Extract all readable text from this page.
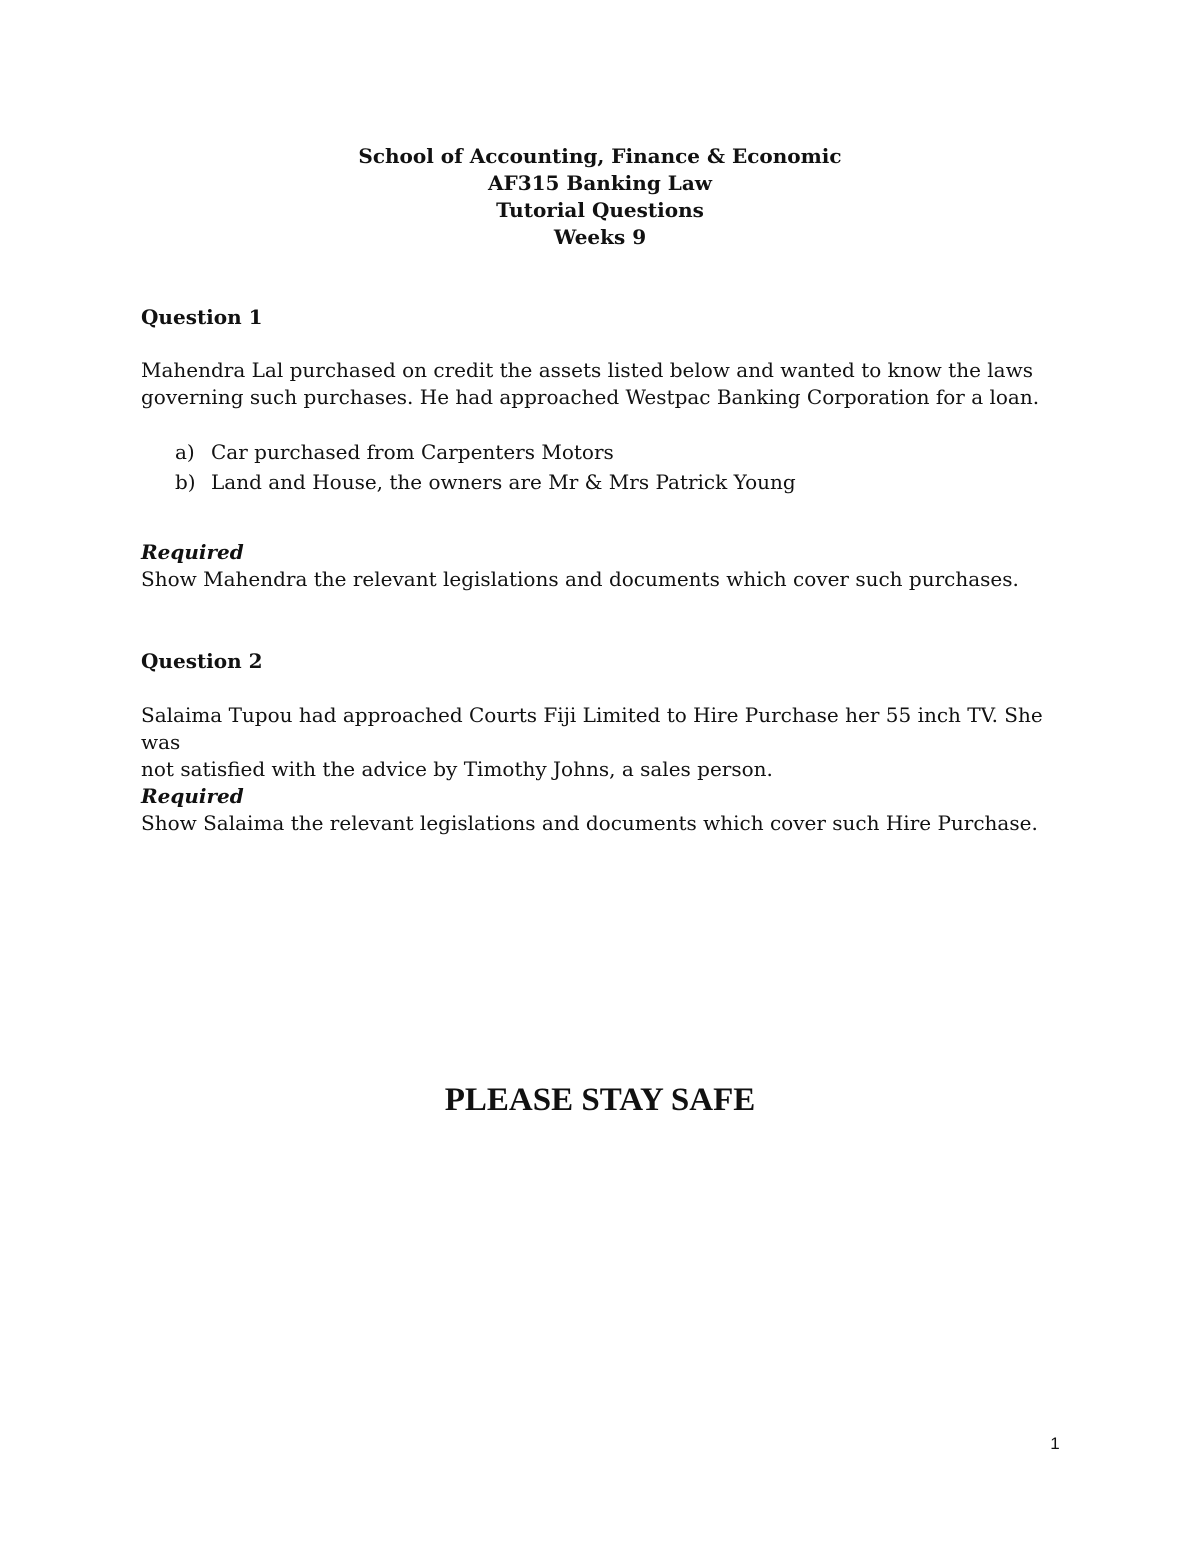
School of Accounting, Finance & Economic
AF315 Banking Law
Tutorial Questions
Weeks 9
Question 1
Mahendra Lal purchased on credit the assets listed below and wanted to know the laws
governing such purchases. He had approached Westpac Banking Corporation for a loan.
a) Car purchased from Carpenters Motors
b) Land and House, the owners are Mr & Mrs Patrick Young
Required
Show Mahendra the relevant legislations and documents which cover such purchases.
Question 2
Salaima Tupou had approached Courts Fiji Limited to Hire Purchase her 55 inch TV. She was
not satisfied with the advice by Timothy Johns, a sales person.
Required
Show Salaima the relevant legislations and documents which cover such Hire Purchase.
PLEASE STAY SAFE
1
